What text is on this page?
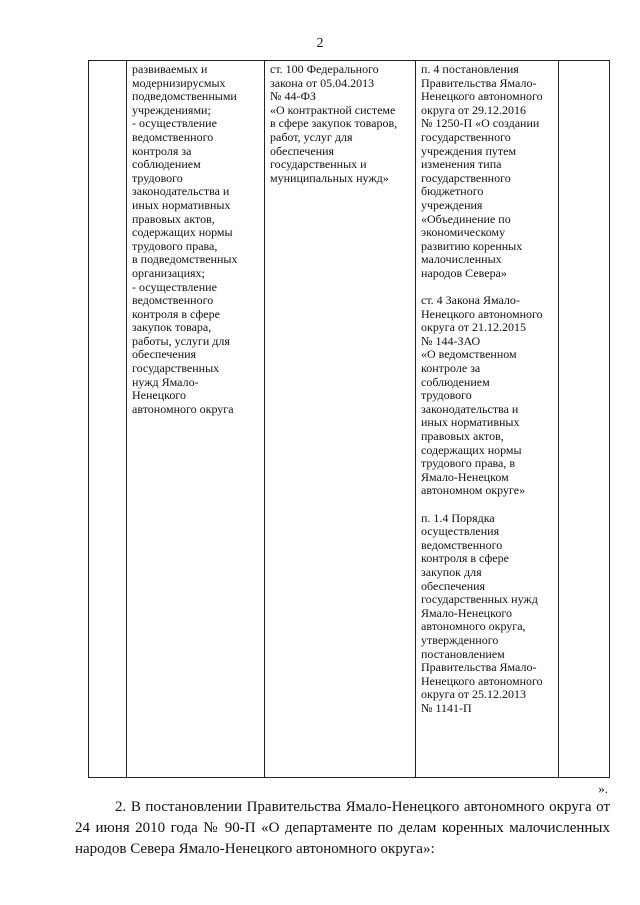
2

развиваемых и
модернизирусмых
подведомственными
учреждениями;
- осуществление
ведомственного
контроля за
соблюдением
трудового
законодательства и
иных нормативных
правовых актов,
содержащих нормы
трудового права,
в подведомственных
организациях;
- осуществление
ведомственного
контроля в сфере
закупок товара,
работы, услуги для
обеспечения
государственных
нужд Ямало-
Ненецкого
автономного округа

ст. 100 Федерального
закона от 05.04.2013
№ 44-ФЗ
«О контрактной системе
в сфере закупок товаров,
работ, услуг для
обеспечения
государственных и
муниципальных нужд»

п. 4 постановления
Правительства Ямало-
Ненецкого автономного
округа от 29.12.2016
№ 1250-П «О создании
государственного
учреждения путем
изменения типа
государственного
бюджетного
учреждения
«Объединение по
экономическому
развитию коренных
малочисленных
народов Севера»

ст. 4 Закона Ямало-
Ненецкого автономного
округа от 21.12.2015
№ 144-ЗАО
«О ведомственном
контроле за
соблюдением
трудового
законодательства и
иных нормативных
правовых актов,
содержащих нормы
трудового права, в
Ямало-Ненецком
автономном округе»

п. 1.4 Порядка
осуществления
ведомственного
контроля в сфере
закупок для
обеспечения
государственных нужд
Ямало-Ненецкого
автономного округа,
утвержденного
постановлением
Правительства Ямало-
Ненецкого автономного
округа от 25.12.2013
№ 1141-П

».

2. В постановлении Правительства Ямало-Ненецкого автономного округа от 24 июня 2010 года № 90-П «О департаменте по делам коренных малочисленных народов Севера Ямало-Ненецкого автономного округа»:
